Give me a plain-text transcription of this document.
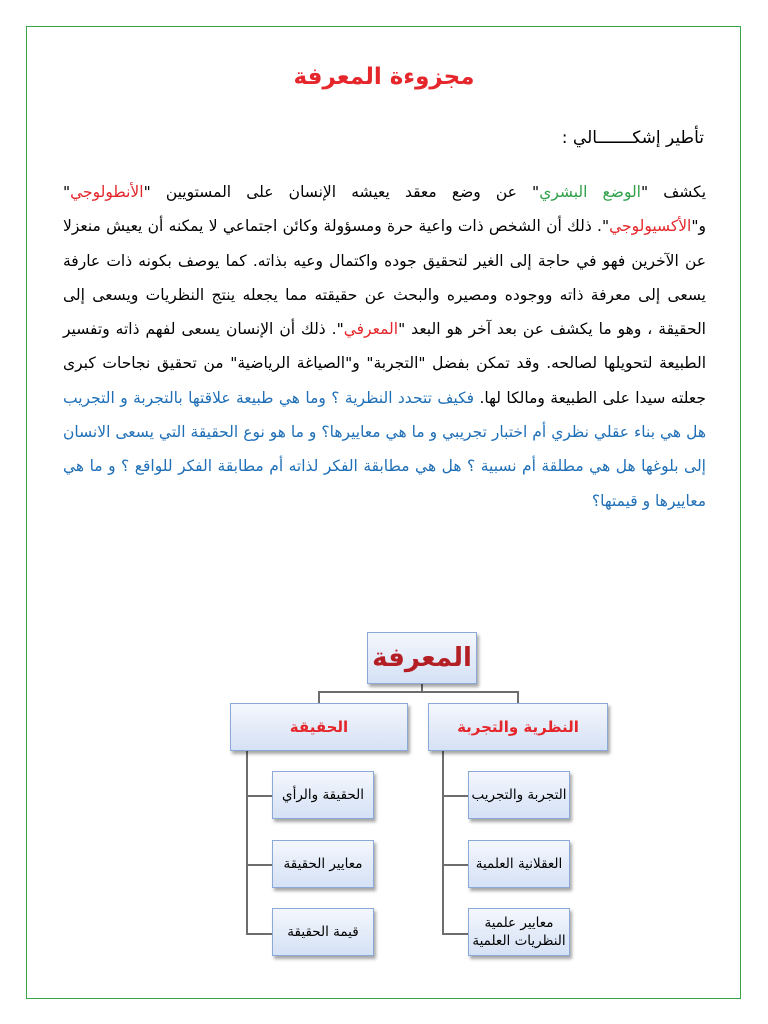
مجزوءة المعرفة
تأطير إشكـــــــالي :
يكشف "الوضع البشري" عن وضع معقد يعيشه الإنسان على المستويين "الأنطولوجي" و"الأكسيولوجي". ذلك أن الشخص ذات واعية حرة ومسؤولة وكائن اجتماعي لا يمكنه أن يعيش منعزلا عن الآخرين فهو في حاجة إلى الغير لتحقيق جوده واكتمال وعيه بذاته. كما يوصف بكونه ذات عارفة يسعى إلى معرفة ذاته ووجوده ومصيره والبحث عن حقيقته مما يجعله ينتج النظريات ويسعى إلى الحقيقة ، وهو ما يكشف عن بعد آخر هو البعد "المعرفي". ذلك أن الإنسان يسعى لفهم ذاته وتفسير الطبيعة لتحويلها لصالحه. وقد تمكن بفضل "التجربة" و"الصياغة الرياضية" من تحقيق نجاحات كبرى جعلته سيدا على الطبيعة ومالكا لها. فكيف تتحدد النظرية ؟ وما هي طبيعة علاقتها بالتجربة و التجريب هل هي بناء عقلي نظري أم اختبار تجريبي و ما هي معاييرها؟ و ما هو نوع الحقيقة التي يسعى الانسان إلى بلوغها هل هي مطلقة أم نسبية ؟ هل هي مطابقة الفكر لذاته أم مطابقة الفكر للواقع ؟ و ما هي معاييرها و قيمتها؟
المعرفة
النظرية والتجربة
الحقيقة
التجربة والتجريب
العقلانية العلمية
معايير علمية النظريات العلمية
الحقيقة والرأي
معايير الحقيقة
قيمة الحقيقة
